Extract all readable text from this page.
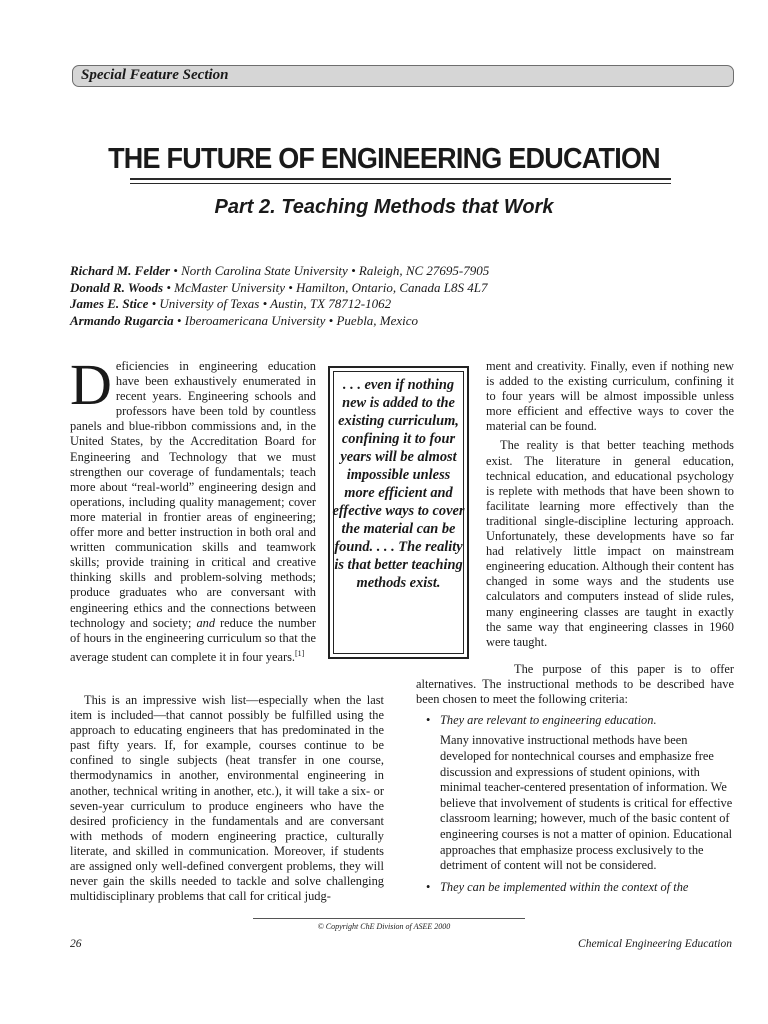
Special Feature Section
THE FUTURE OF ENGINEERING EDUCATION
Part 2. Teaching Methods that Work
Richard M. Felder • North Carolina State University • Raleigh, NC 27695-7905
Donald R. Woods • McMaster University • Hamilton, Ontario, Canada L8S 4L7
James E. Stice • University of Texas • Austin, TX 78712-1062
Armando Rugarcia • Iberoamericana University • Puebla, Mexico

Deficiencies in engineering education have been exhaustively enumerated in recent years. Engineering schools and professors have been told by countless panels and blue-ribbon commissions and, in the United States, by the Accreditation Board for Engineering and Technology that we must strengthen our coverage of fundamentals; teach more about “real-world” engineering design and operations, including quality management; cover more material in frontier areas of engineering; offer more and better instruction in both oral and written communication skills and teamwork skills; provide training in critical and creative thinking skills and problem-solving methods; produce graduates who are conversant with engineering ethics and the connections between technology and society; and reduce the number of hours in the engineering curriculum so that the average student can complete it in four years.[1]

This is an impressive wish list—especially when the last item is included—that cannot possibly be fulfilled using the approach to educating engineers that has predominated in the past fifty years. If, for example, courses continue to be confined to single subjects (heat transfer in one course, thermodynamics in another, environmental engineering in another, technical writing in another, etc.), it will take a six- or seven-year curriculum to produce engineers who have the desired proficiency in the fundamentals and are conversant with methods of modern engineering practice, culturally literate, and skilled in communication. Moreover, if students are assigned only well-defined convergent problems, they will never gain the skills needed to tackle and solve challenging multidisciplinary problems that call for critical judg-

. . . even if nothing new is added to the existing curriculum, confining it to four years will be almost impossible unless more efficient and effective ways to cover the material can be found. . . . The reality is that better teaching methods exist.

ment and creativity. Finally, even if nothing new is added to the existing curriculum, confining it to four years will be almost impossible unless more efficient and effective ways to cover the material can be found.

The reality is that better teaching methods exist. The literature in general education, technical education, and educational psychology is replete with methods that have been shown to facilitate learning more effectively than the traditional single-discipline lecturing approach. Unfortunately, these developments have so far had relatively little impact on mainstream engineering education. Although their content has changed in some ways and the students use calculators and computers instead of slide rules, many engineering classes are taught in exactly the same way that engineering classes in 1960 were taught.

The purpose of this paper is to offer alternatives. The instructional methods to be described have been chosen to meet the following criteria:

• They are relevant to engineering education.
Many innovative instructional methods have been developed for nontechnical courses and emphasize free discussion and expressions of student opinions, with minimal teacher-centered presentation of information. We believe that involvement of students is critical for effective classroom learning; however, much of the basic content of engineering courses is not a matter of opinion. Educational approaches that emphasize process exclusively to the detriment of content will not be considered.
• They can be implemented within the context of the
© Copyright ChE Division of ASEE 2000
26	Chemical Engineering Education
